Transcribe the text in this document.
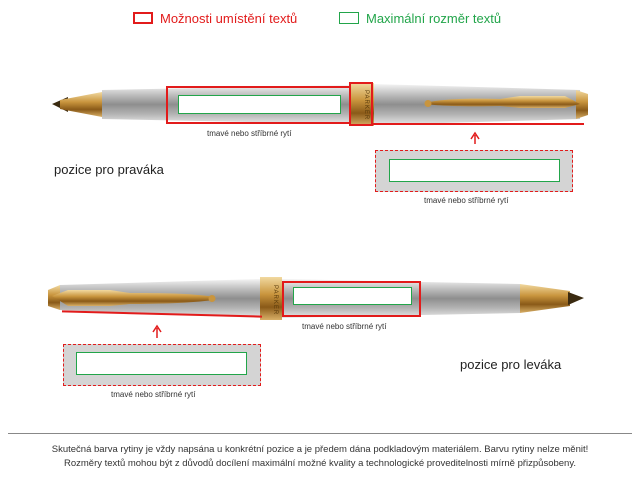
Možnosti umístění textů	Maximální rozměr textů
PARKER
PARKER
tmavé nebo stříbrné rytí
tmavé nebo stříbrné rytí
pozice pro praváka
tmavé nebo stříbrné rytí
tmavé nebo stříbrné rytí
pozice pro leváka
Skutečná barva rytiny je vždy napsána u konkrétní pozice a je předem dána podkladovým materiálem. Barvu rytiny nelze měnit!
Rozměry textů mohou být z důvodů docílení maximální možné kvality a technologické proveditelnosti mírně přizpůsobeny.
